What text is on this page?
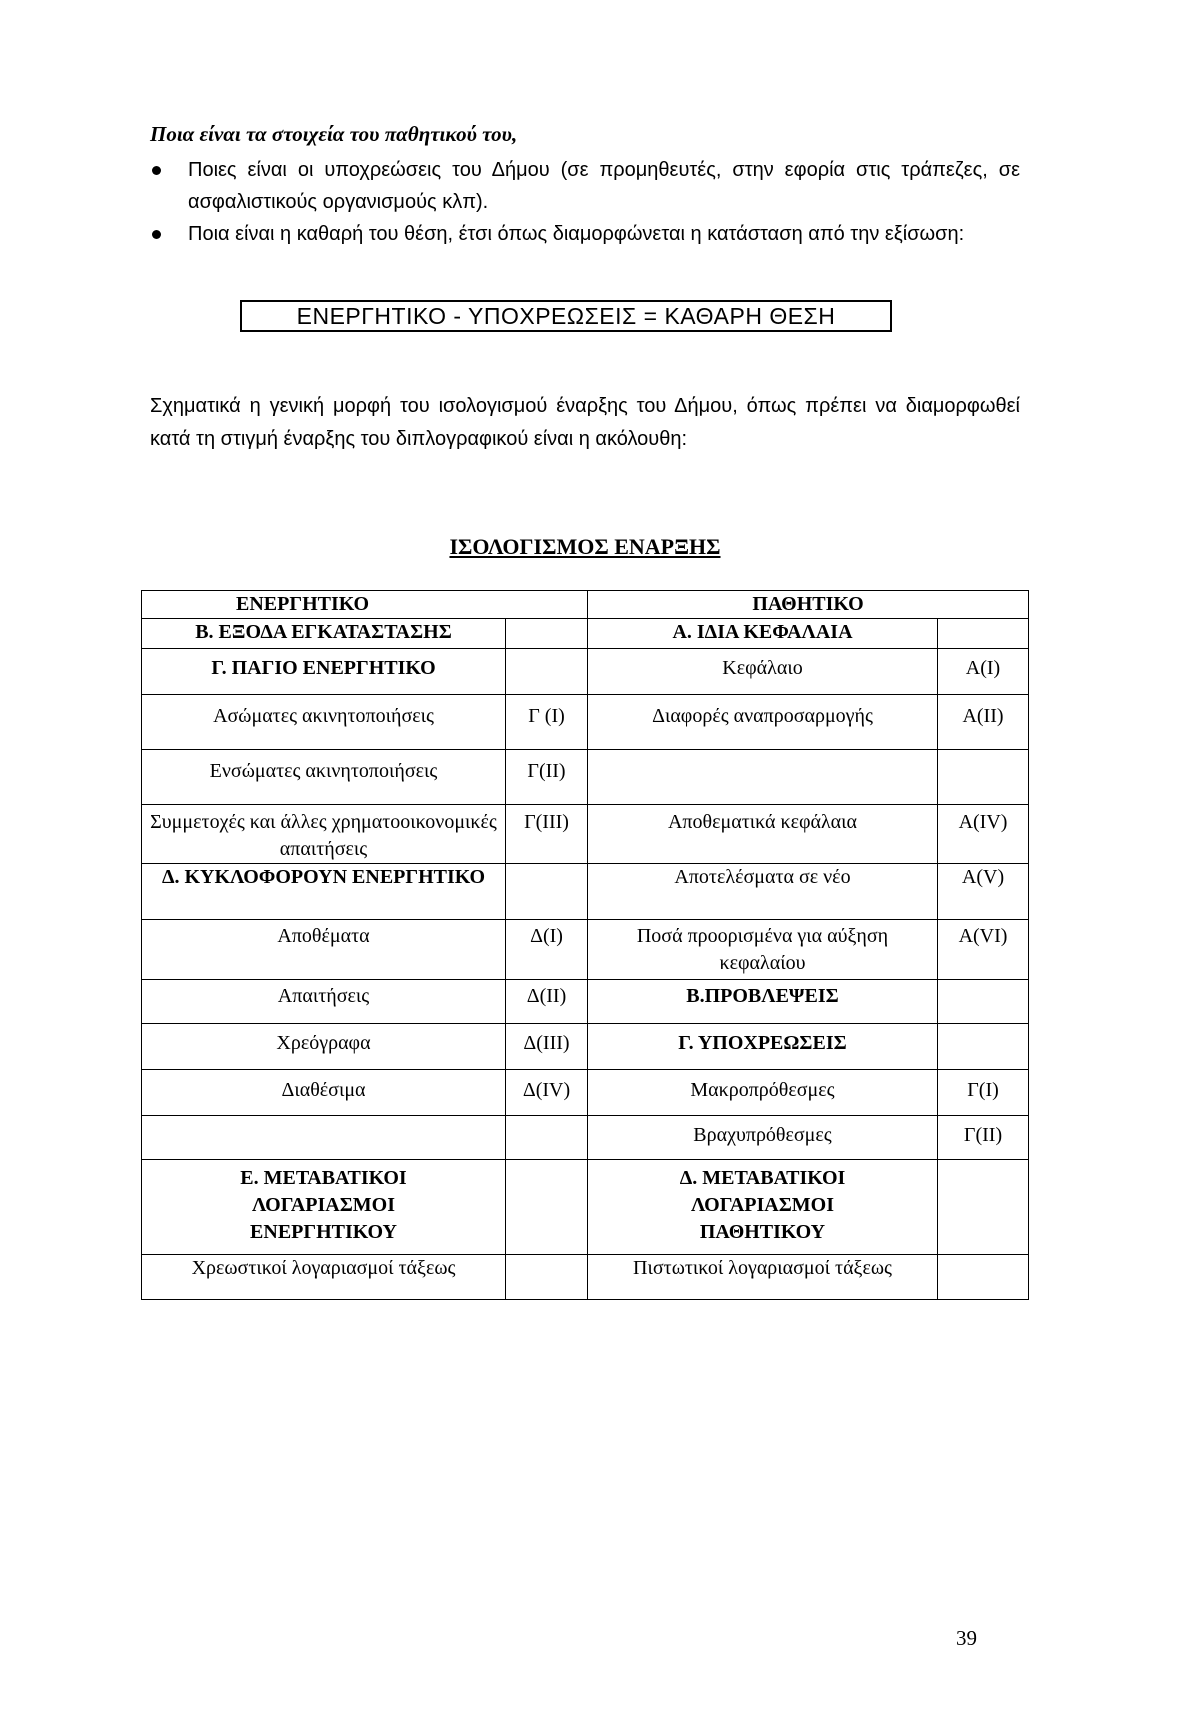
Ποια είναι τα στοιχεία του παθητικού του,
Ποιες είναι οι υποχρεώσεις του Δήμου (σε προμηθευτές, στην εφορία στις τράπεζες, σε ασφαλιστικούς οργανισμούς κλπ).
Ποια είναι η καθαρή του θέση, έτσι όπως διαμορφώνεται η κατάσταση από την εξίσωση:
ΕΝΕΡΓΗΤΙΚΟ - ΥΠΟΧΡΕΩΣΕΙΣ = ΚΑΘΑΡΗ ΘΕΣΗ
Σχηματικά η γενική μορφή του ισολογισμού έναρξης του Δήμου, όπως πρέπει να διαμορφωθεί κατά τη στιγμή έναρξης του διπλογραφικού είναι η ακόλουθη:
ΙΣΟΛΟΓΙΣΜΟΣ ΕΝΑΡΞΗΣ
ΕΝΕΡΓΗΤΙΚΟ		ΠΑΘΗΤΙΚΟ	
Β. ΕΞΟΔΑ ΕΓΚΑΤΑΣΤΑΣΗΣ		Α. ΙΔΙΑ ΚΕΦΑΛΑΙΑ	
Γ. ΠΑΓΙΟ ΕΝΕΡΓΗΤΙΚΟ		Κεφάλαιο	Α(Ι)
Ασώματες ακινητοποιήσεις	Γ (Ι)	Διαφορές αναπροσαρμογής	Α(ΙΙ)
Ενσώματες ακινητοποιήσεις	Γ(ΙΙ)		
Συμμετοχές και άλλες χρηματοοικονομικές απαιτήσεις	Γ(ΙΙΙ)	Αποθεματικά κεφάλαια	Α(ΙV)
Δ. ΚΥΚΛΟΦΟΡΟΥΝ ΕΝΕΡΓΗΤΙΚΟ		Αποτελέσματα σε νέο	Α(V)
Αποθέματα	Δ(Ι)	Ποσά προορισμένα για αύξηση κεφαλαίου	Α(VΙ)
Απαιτήσεις	Δ(ΙΙ)	Β.ΠΡΟΒΛΕΨΕΙΣ	
Χρεόγραφα	Δ(ΙΙΙ)	Γ. ΥΠΟΧΡΕΩΣΕΙΣ	
Διαθέσιμα	Δ(ΙV)	Μακροπρόθεσμες	Γ(Ι)
		Βραχυπρόθεσμες	Γ(ΙΙ)
Ε. ΜΕΤΑΒΑΤΙΚΟΙ ΛΟΓΑΡΙΑΣΜΟΙ ΕΝΕΡΓΗΤΙΚΟΥ		Δ. ΜΕΤΑΒΑΤΙΚΟΙ ΛΟΓΑΡΙΑΣΜΟΙ ΠΑΘΗΤΙΚΟΥ	
Χρεωστικοί λογαριασμοί τάξεως		Πιστωτικοί λογαριασμοί τάξεως	
39
